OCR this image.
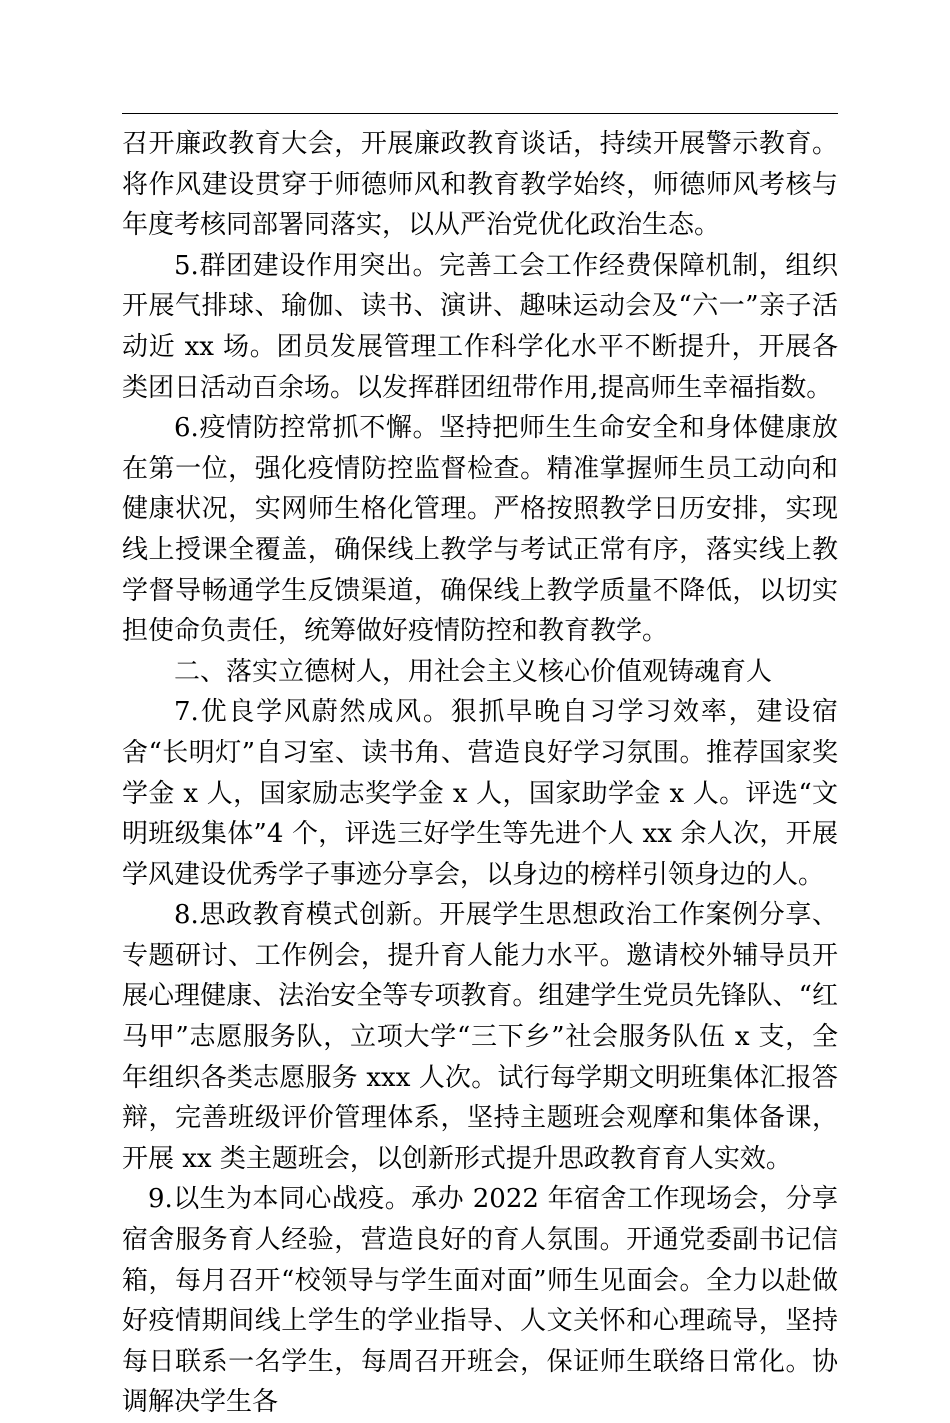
召开廉政教育大会，开展廉政教育谈话，持续开展警示教育。将作风建设贯穿于师德师风和教育教学始终，师德师风考核与年度考核同部署同落实，以从严治党优化政治生态。

5.群团建设作用突出。完善工会工作经费保障机制，组织开展气排球、瑜伽、读书、演讲、趣味运动会及“六一”亲子活动近 xx 场。团员发展管理工作科学化水平不断提升，开展各类团日活动百余场。以发挥群团纽带作用,提高师生幸福指数。

6.疫情防控常抓不懈。坚持把师生生命安全和身体健康放在第一位，强化疫情防控监督检查。精准掌握师生员工动向和健康状况，实网师生格化管理。严格按照教学日历安排，实现线上授课全覆盖，确保线上教学与考试正常有序，落实线上教学督导畅通学生反馈渠道，确保线上教学质量不降低，以切实担使命负责任，统筹做好疫情防控和教育教学。

二、落实立德树人，用社会主义核心价值观铸魂育人

7.优良学风蔚然成风。狠抓早晚自习学习效率，建设宿舍“长明灯”自习室、读书角、营造良好学习氛围。推荐国家奖学金 x 人，国家励志奖学金 x 人，国家助学金 x 人。评选“文明班级集体”4 个，评选三好学生等先进个人 xx 余人次，开展学风建设优秀学子事迹分享会，以身边的榜样引领身边的人。

8.思政教育模式创新。开展学生思想政治工作案例分享、专题研讨、工作例会，提升育人能力水平。邀请校外辅导员开展心理健康、法治安全等专项教育。组建学生党员先锋队、“红马甲”志愿服务队，立项大学“三下乡”社会服务队伍 x 支，全年组织各类志愿服务 xxx 人次。试行每学期文明班集体汇报答辩，完善班级评价管理体系，坚持主题班会观摩和集体备课，开展 xx 类主题班会，以创新形式提升思政教育育人实效。

9.以生为本同心战疫。承办 2022 年宿舍工作现场会，分享宿舍服务育人经验，营造良好的育人氛围。开通党委副书记信箱，每月召开“校领导与学生面对面”师生见面会。全力以赴做好疫情期间线上学生的学业指导、人文关怀和心理疏导，坚持每日联系一名学生，每周召开班会，保证师生联络日常化。协调解决学生各
